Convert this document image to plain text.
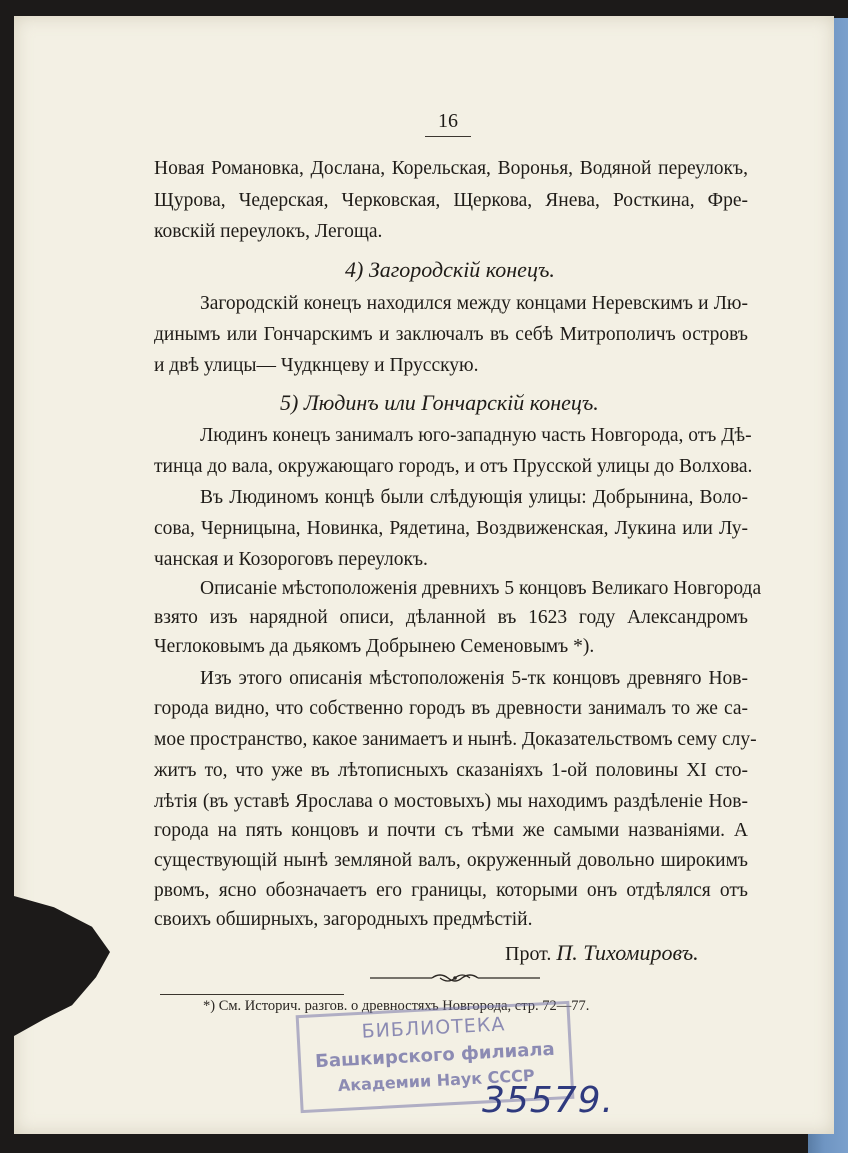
16
Новая Романовка, Дослана, Корельская, Воронья, Водяной переулокъ,
Щурова, Чедерская, Черковская, Щеркова, Янева, Росткина, Фре-
ковскій переулокъ, Легоща.
4) Загородскій конецъ.
Загородскій конецъ находился между концами Неревскимъ и Лю-
динымъ или Гончарскимъ и заключалъ въ себѣ Митрополичъ островъ
и двѣ улицы— Чудкнцеву и Прусскую.
5) Людинъ или Гончарскій конецъ.
Людинъ конецъ занималъ юго-западную часть Новгорода, отъ Дѣ-
тинца до вала, окружающаго городъ, и отъ Прусской улицы до Волхова.
Въ Людиномъ концѣ были слѣдующія улицы: Добрынина, Воло-
сова, Черницына, Новинка, Рядетина, Воздвиженская, Лукина или Лу-
чанская и Козороговъ переулокъ.
Описаніе мѣстоположенія древнихъ 5 концовъ Великаго Новгорода
взято изъ нарядной описи, дѣланной въ 1623 году Александромъ
Чеглоковымъ да дьякомъ Добрынею Семеновымъ *).
Изъ этого описанія мѣстоположенія 5-тк концовъ древняго Нов-
города видно, что собственно городъ въ древности занималъ то же са-
мое пространство, какое занимаетъ и нынѣ. Доказательствомъ сему слу-
житъ то, что уже въ лѣтописныхъ сказаніяхъ 1-ой половины XI сто-
лѣтія (въ уставѣ Ярослава о мостовыхъ) мы находимъ раздѣленіе Нов-
города на пять концовъ и почти съ тѣми же самыми названіями. А
существующій нынѣ земляной валъ, окруженный довольно широкимъ
рвомъ, ясно обозначаетъ его границы, которыми онъ отдѣлялся отъ
своихъ обширныхъ, загородныхъ предмѣстій.
Прот. П. Тихомировъ.
*) См. Историч. разгов. о древностяхъ Новгорода, стр. 72—77.
БИБЛИОТЕКА
Башкирского филиала
Академии Наук СССР
35579.
